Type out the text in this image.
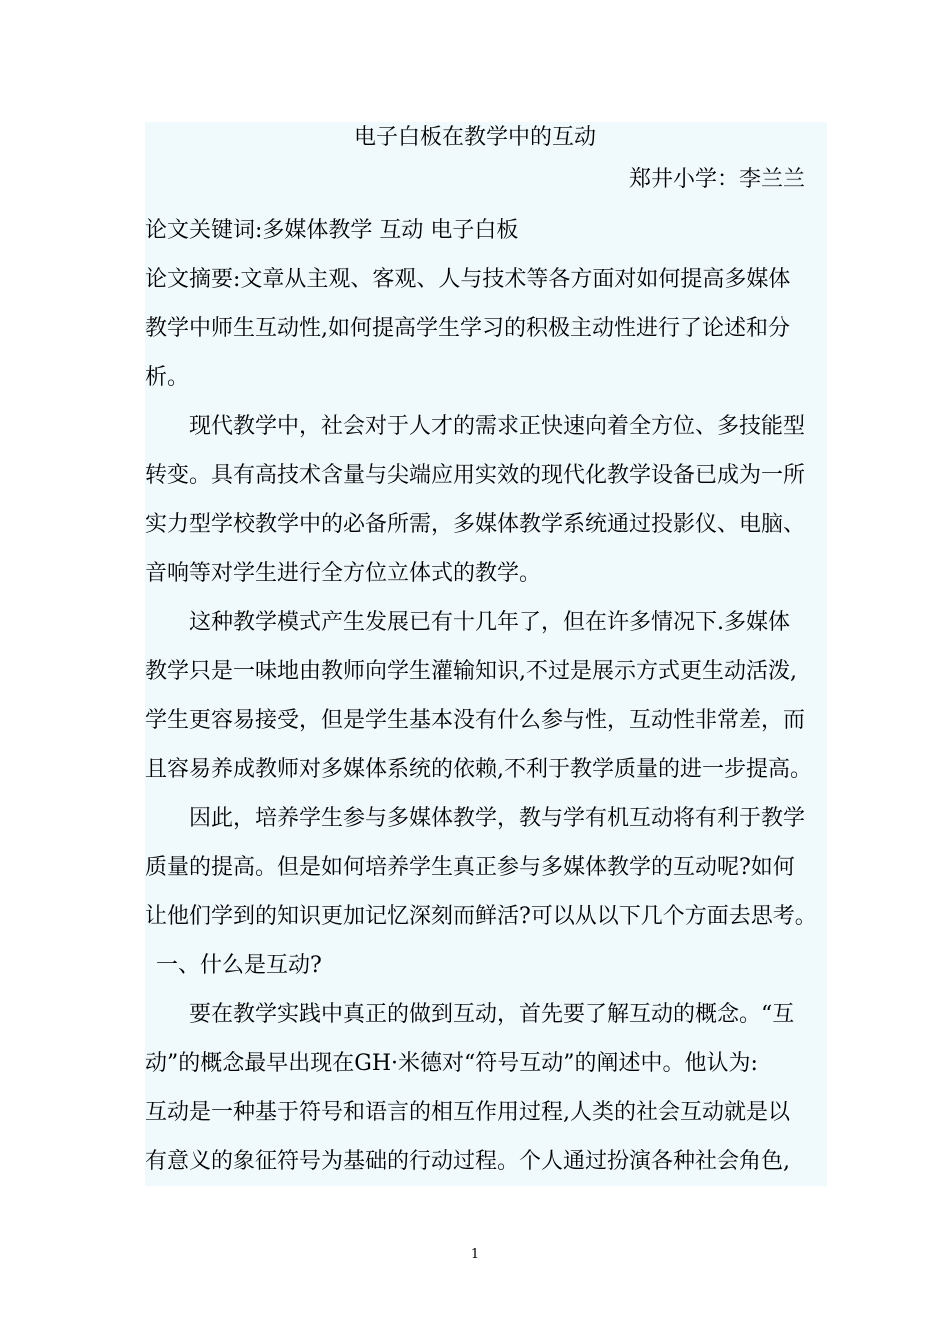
电子白板在教学中的互动
郑井小学：李兰兰
论文关键词:多媒体教学 互动 电子白板
论文摘要:文章从主观、客观、人与技术等各方面对如何提高多媒体
教学中师生互动性,如何提高学生学习的积极主动性进行了论述和分
析。
现代教学中，社会对于人才的需求正快速向着全方位、多技能型
转变。具有高技术含量与尖端应用实效的现代化教学设备已成为一所
实力型学校教学中的必备所需，多媒体教学系统通过投影仪、电脑、
音响等对学生进行全方位立体式的教学。
这种教学模式产生发展已有十几年了，但在许多情况下.多媒体
教学只是一味地由教师向学生灌输知识,不过是展示方式更生动活泼,
学生更容易接受，但是学生基本没有什么参与性，互动性非常差，而
且容易养成教师对多媒体系统的依赖,不利于教学质量的进一步提高。
因此，培养学生参与多媒体教学，教与学有机互动将有利于教学
质量的提高。但是如何培养学生真正参与多媒体教学的互动呢?如何
让他们学到的知识更加记忆深刻而鲜活?可以从以下几个方面去思考。
一、什么是互动?
要在教学实践中真正的做到互动，首先要了解互动的概念。“互
动”的概念最早出现在GH·米德对“符号互动”的阐述中。他认为:
互动是一种基于符号和语言的相互作用过程,人类的社会互动就是以
有意义的象征符号为基础的行动过程。个人通过扮演各种社会角色,
1
